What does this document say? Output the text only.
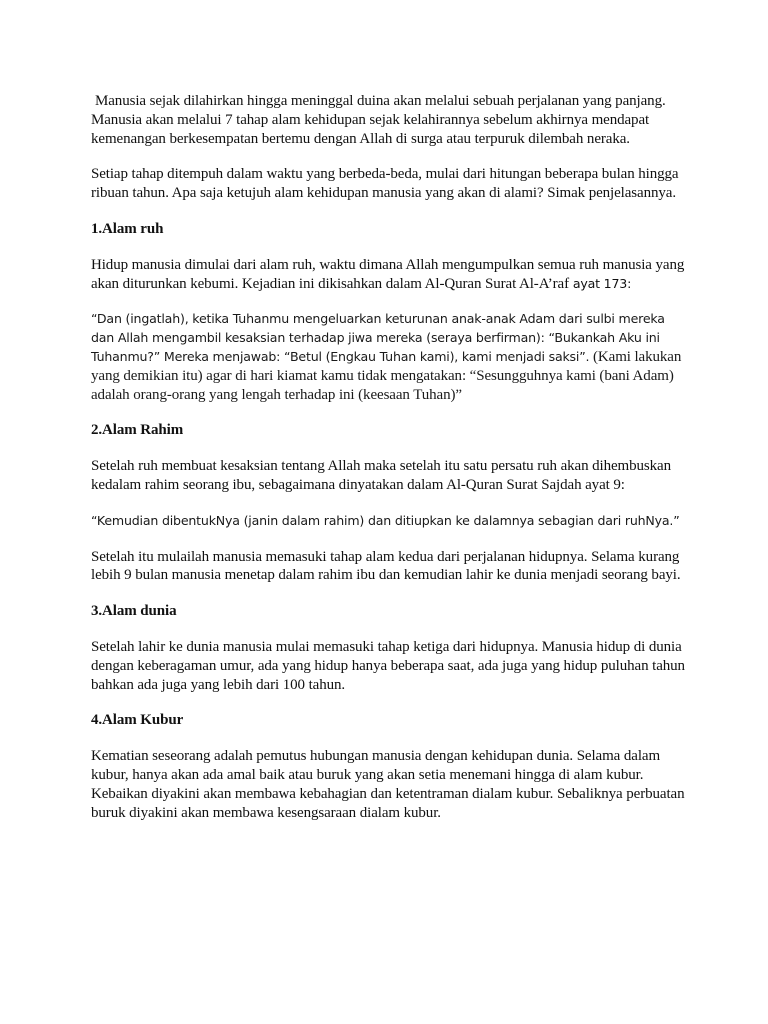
Manusia sejak dilahirkan hingga meninggal duina akan melalui sebuah perjalanan yang panjang. Manusia akan melalui 7 tahap alam kehidupan sejak kelahirannya sebelum akhirnya mendapat kemenangan berkesempatan bertemu dengan Allah di surga atau terpuruk dilembah neraka.

Setiap tahap ditempuh dalam waktu yang berbeda-beda, mulai dari hitungan beberapa bulan hingga ribuan tahun. Apa saja ketujuh alam kehidupan manusia yang akan di alami? Simak penjelasannya.

1.Alam ruh

Hidup manusia dimulai dari alam ruh, waktu dimana Allah mengumpulkan semua ruh manusia yang akan diturunkan kebumi. Kejadian ini dikisahkan dalam Al-Quran Surat Al-A’raf ayat 173:

“Dan (ingatlah), ketika Tuhanmu mengeluarkan keturunan anak-anak Adam dari sulbi mereka dan Allah mengambil kesaksian terhadap jiwa mereka (seraya berfirman): “Bukankah Aku ini Tuhanmu?” Mereka menjawab: “Betul (Engkau Tuhan kami), kami menjadi saksi”. (Kami lakukan yang demikian itu) agar di hari kiamat kamu tidak mengatakan: “Sesungguhnya kami (bani Adam) adalah orang-orang yang lengah terhadap ini (keesaan Tuhan)”

2.Alam Rahim

Setelah ruh membuat kesaksian tentang Allah maka setelah itu satu persatu ruh akan dihembuskan kedalam rahim seorang ibu, sebagaimana dinyatakan dalam Al-Quran Surat Sajdah ayat 9:

“Kemudian dibentukNya (janin dalam rahim) dan ditiupkan ke dalamnya sebagian dari ruhNya.”

Setelah itu mulailah manusia memasuki tahap alam kedua dari perjalanan hidupnya. Selama kurang lebih 9 bulan manusia menetap dalam rahim ibu dan kemudian lahir ke dunia menjadi seorang bayi.

3.Alam dunia

Setelah lahir ke dunia manusia mulai memasuki tahap ketiga dari hidupnya. Manusia hidup di dunia dengan keberagaman umur, ada yang hidup hanya beberapa saat, ada juga yang hidup puluhan tahun bahkan ada juga yang lebih dari 100 tahun.

4.Alam Kubur

Kematian seseorang adalah pemutus hubungan manusia dengan kehidupan dunia. Selama dalam kubur, hanya akan ada amal baik atau buruk yang akan setia menemani hingga di alam kubur. Kebaikan diyakini akan membawa kebahagian dan ketentraman dialam kubur. Sebaliknya perbuatan buruk diyakini akan membawa kesengsaraan dialam kubur.
